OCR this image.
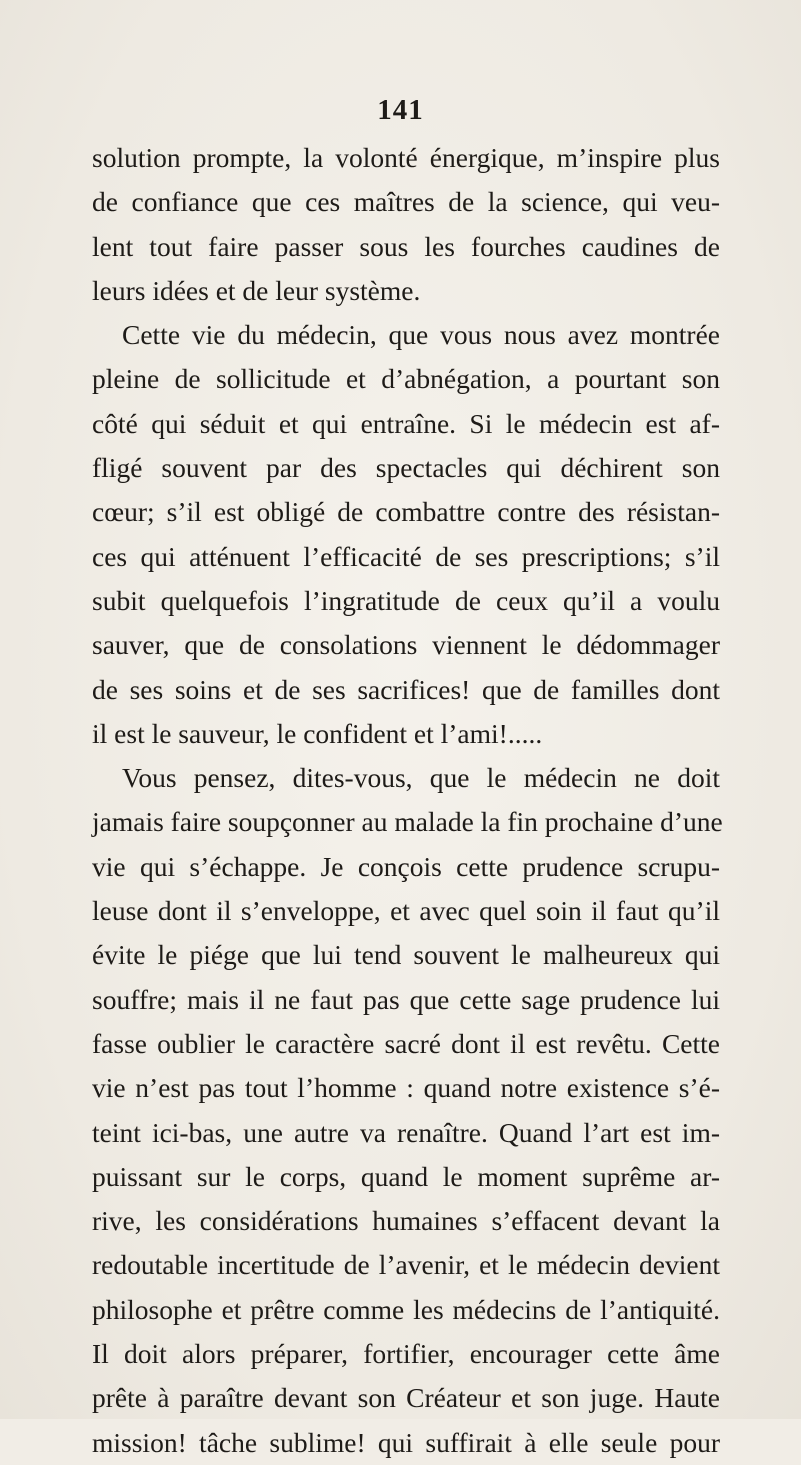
141
solution prompte, la volonté énergique, m’inspire plus
de confiance que ces maîtres de la science, qui veu-
lent tout faire passer sous les fourches caudines de
leurs idées et de leur système.
Cette vie du médecin, que vous nous avez montrée
pleine de sollicitude et d’abnégation, a pourtant son
côté qui séduit et qui entraîne. Si le médecin est af-
fligé souvent par des spectacles qui déchirent son
cœur; s’il est obligé de combattre contre des résistan-
ces qui atténuent l’efficacité de ses prescriptions; s’il
subit quelquefois l’ingratitude de ceux qu’il a voulu
sauver, que de consolations viennent le dédommager
de ses soins et de ses sacrifices! que de familles dont
il est le sauveur, le confident et l’ami!.....
Vous pensez, dites-vous, que le médecin ne doit
jamais faire soupçonner au malade la fin prochaine d’une
vie qui s’échappe. Je conçois cette prudence scrupu-
leuse dont il s’enveloppe, et avec quel soin il faut qu’il
évite le piége que lui tend souvent le malheureux qui
souffre; mais il ne faut pas que cette sage prudence lui
fasse oublier le caractère sacré dont il est revêtu. Cette
vie n’est pas tout l’homme : quand notre existence s’é-
teint ici-bas, une autre va renaître. Quand l’art est im-
puissant sur le corps, quand le moment suprême ar-
rive, les considérations humaines s’effacent devant la
redoutable incertitude de l’avenir, et le médecin devient
philosophe et prêtre comme les médecins de l’antiquité.
Il doit alors préparer, fortifier, encourager cette âme
prête à paraître devant son Créateur et son juge. Haute
mission! tâche sublime! qui suffirait à elle seule pour
